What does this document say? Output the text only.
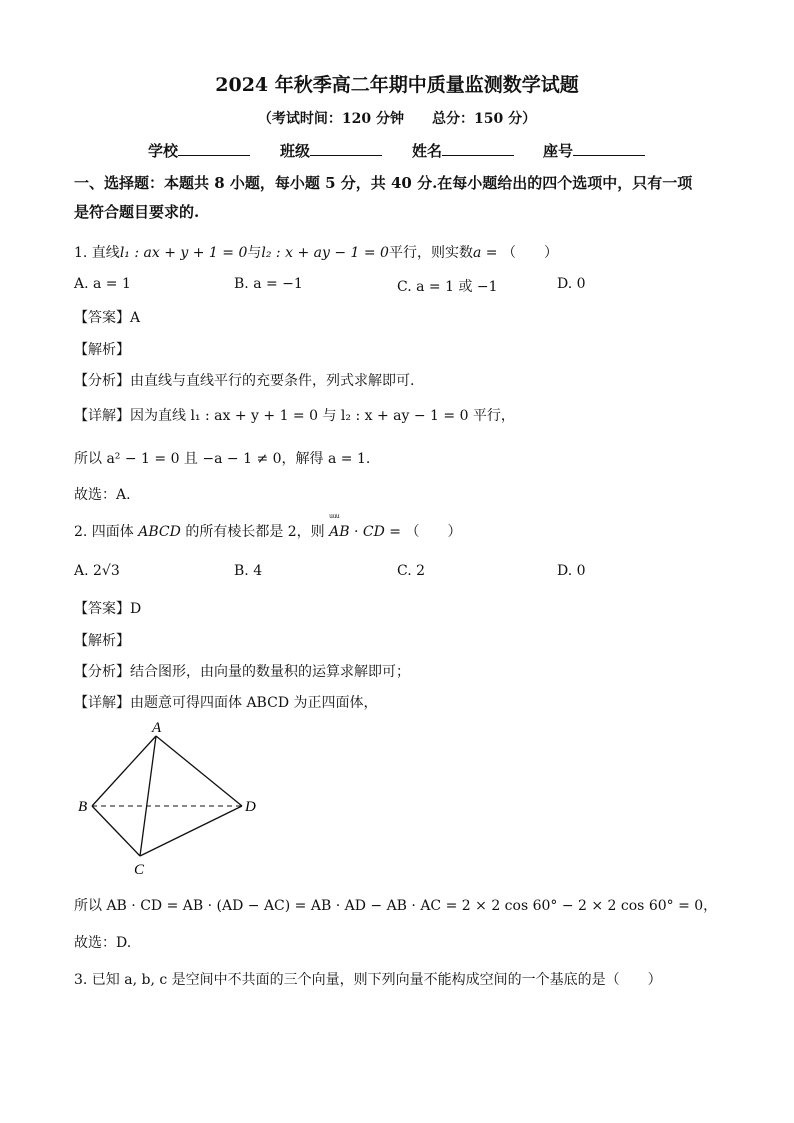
2024 年秋季高二年期中质量监测数学试题
（考试时间：120 分钟　　总分：150 分）
学校	班级	姓名	座号
一、选择题：本题共 8 小题，每小题 5 分，共 40 分.在每小题给出的四个选项中，只有一项
是符合题目要求的.
1. 直线l₁ : ax + y + 1 = 0与l₂ : x + ay − 1 = 0平行，则实数a = （　　）
A. a = 1	B. a = −1	C. a = 1 或 −1	D. 0
【答案】A
【解析】
【分析】由直线与直线平行的充要条件，列式求解即可.
【详解】因为直线 l₁ : ax + y + 1 = 0 与 l₂ : x + ay − 1 = 0 平行，
所以 a² − 1 = 0 且 −a − 1 ≠ 0，解得 a = 1.
故选：A.
2. 四面体 ABCD 的所有棱长都是 2，则 uuu AB · CD = （　　）
A. 2√3	B. 4	C. 2	D. 0
【答案】D
【解析】
【分析】结合图形，由向量的数量积的运算求解即可；
【详解】由题意可得四面体 ABCD 为正四面体，
A
B
C
D
所以 AB · CD = AB · (AD − AC) = AB · AD − AB · AC = 2 × 2 cos 60° − 2 × 2 cos 60° = 0，
故选：D.
3. 已知 a, b, c 是空间中不共面的三个向量，则下列向量不能构成空间的一个基底的是（　　）
